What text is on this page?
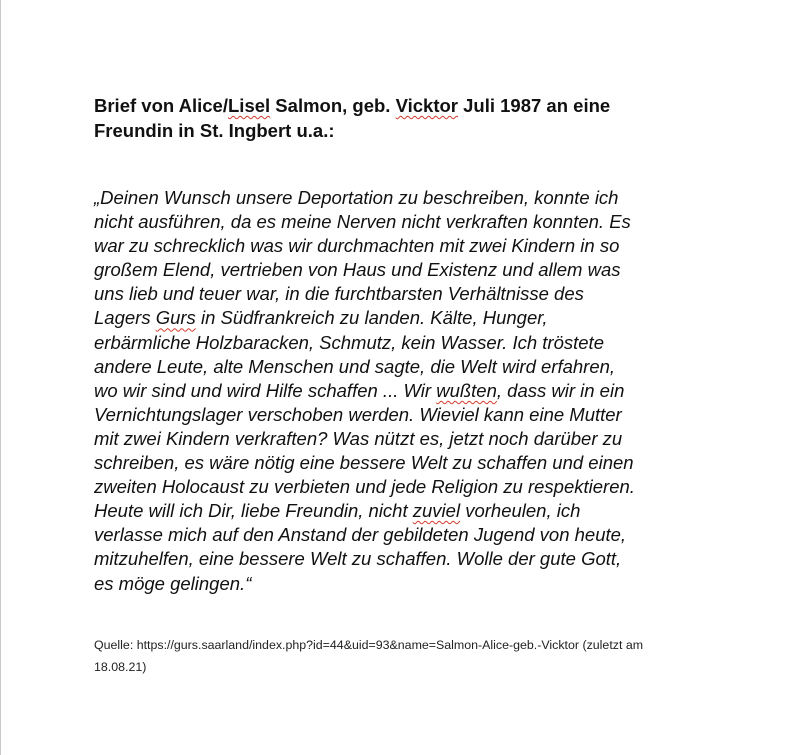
Brief von Alice/Lisel Salmon, geb. Vicktor Juli 1987 an eine
Freundin in St. Ingbert u.a.:

„Deinen Wunsch unsere Deportation zu beschreiben, konnte ich
nicht ausführen, da es meine Nerven nicht verkraften konnten. Es
war zu schrecklich was wir durchmachten mit zwei Kindern in so
großem Elend, vertrieben von Haus und Existenz und allem was
uns lieb und teuer war, in die furchtbarsten Verhältnisse des
Lagers Gurs in Südfrankreich zu landen. Kälte, Hunger,
erbärmliche Holzbaracken, Schmutz, kein Wasser. Ich tröstete
andere Leute, alte Menschen und sagte, die Welt wird erfahren,
wo wir sind und wird Hilfe schaffen ... Wir wußten, dass wir in ein
Vernichtungslager verschoben werden. Wieviel kann eine Mutter
mit zwei Kindern verkraften? Was nützt es, jetzt noch darüber zu
schreiben, es wäre nötig eine bessere Welt zu schaffen und einen
zweiten Holocaust zu verbieten und jede Religion zu respektieren.
Heute will ich Dir, liebe Freundin, nicht zuviel vorheulen, ich
verlasse mich auf den Anstand der gebildeten Jugend von heute,
mitzuhelfen, eine bessere Welt zu schaffen. Wolle der gute Gott,
es möge gelingen.“

Quelle: https://gurs.saarland/index.php?id=44&uid=93&name=Salmon-Alice-geb.-Vicktor (zuletzt am
18.08.21)
